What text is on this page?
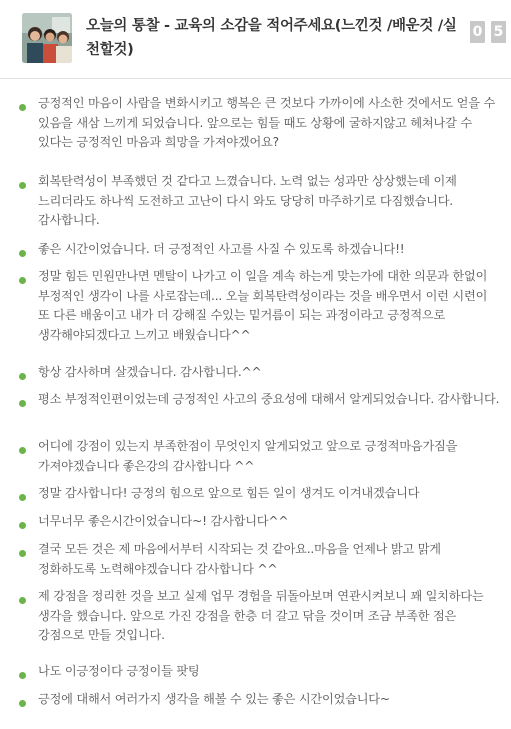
오늘의 통찰 - 교육의 소감을 적어주세요(느낀것 /배운것 /실천할것)
0 5
긍정적인 마음이 사람을 변화시키고 행복은 큰 것보다 가까이에 사소한 것에서도 얻을 수 있음을 새삼 느끼게 되었습니다. 앞으로는 힘들 때도 상황에 굴하지않고 헤쳐나갈 수 있다는 긍정적인 마음과 희망을 가져야겠어요?
회복탄력성이 부족했던 것 같다고 느꼈습니다. 노력 없는 성과만 상상했는데 이제 느리더라도 하나씩 도전하고 고난이 다시 와도 당당히 마주하기로 다짐했습니다. 감사합니다.
좋은 시간이었습니다. 더 긍정적인 사고를 사질 수 있도록 하겠습니다!!
정말 힘든 민원만나면 멘탈이 나가고 이 일을 계속 하는게 맞는가에 대한 의문과 한없이 부정적인 생각이 나를 사로잡는데... 오늘 회복탄력성이라는 것을 배우면서 이런 시련이 또 다른 배움이고 내가 더 강해질 수있는 밑거름이 되는 과정이라고 긍정적으로 생각해야되겠다고 느끼고 배웠습니다^^
항상 감사하며 살겠습니다. 감사합니다.^^
평소 부정적인편이었는데 긍정적인 사고의 중요성에 대해서 알게되었습니다. 감사합니다.
어디에 강점이 있는지 부족한점이 무엇인지 알게되었고 앞으로 긍정적마음가짐을 가져야겠습니다 좋은강의 감사합니다 ^^
정말 감사합니다! 긍정의 힘으로 앞으로 힘든 일이 생겨도 이겨내겠습니다
너무너무 좋은시간이었습니다~! 감사합니다^^
결국 모든 것은 제 마음에서부터 시작되는 것 같아요..마음을 언제나 밝고 맑게 정화하도록 노력해야겠습니다 감사합니다 ^^
제 강점을 정리한 것을 보고 실제 업무 경험을 뒤돌아보며 연관시켜보니 꽤 일치하다는 생각을 했습니다. 앞으로 가진 강점을 한층 더 갈고 닦을 것이며 조금 부족한 점은 강점으로 만들 것입니다.
나도 이긍정이다 긍정이들 팟팅
긍정에 대해서 여러가지 생각을 해볼 수 있는 좋은 시간이었습니다~
